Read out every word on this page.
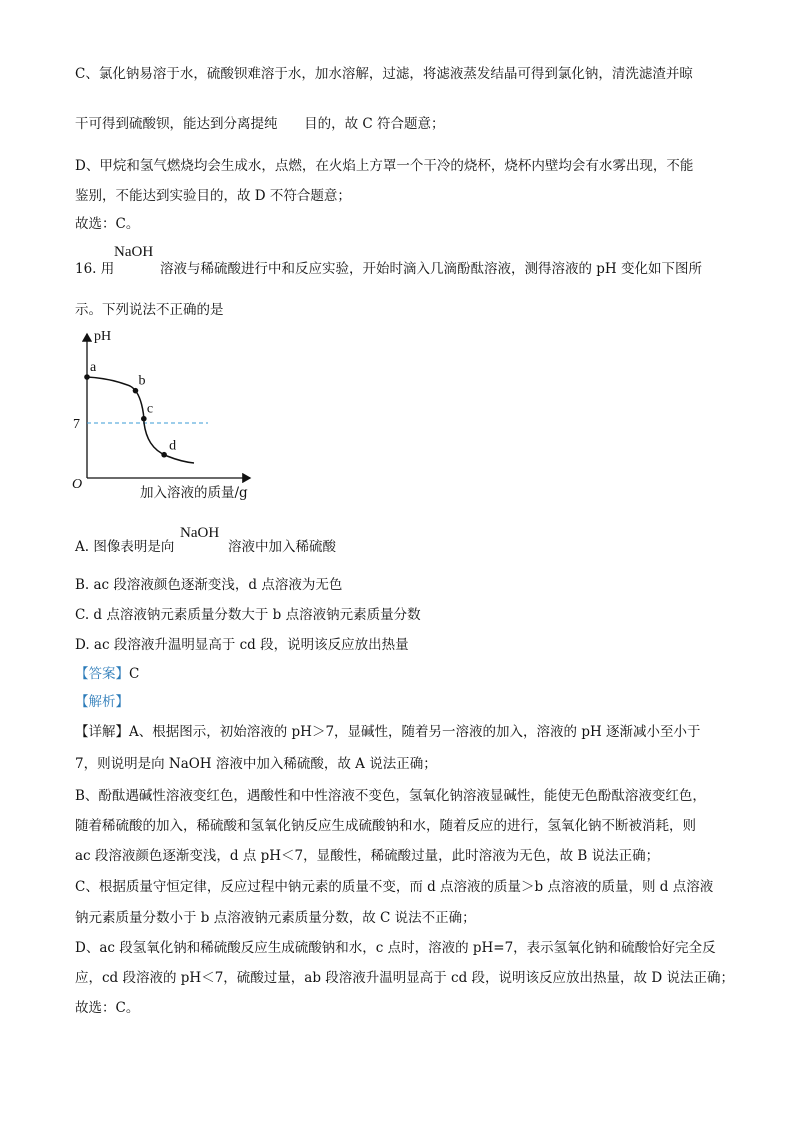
C、氯化钠易溶于水，硫酸钡难溶于水，加水溶解，过滤，将滤液蒸发结晶可得到氯化钠，清洗滤渣并晾
干可得到硫酸钡，能达到分离提纯 目的，故 C 符合题意；
D、甲烷和氢气燃烧均会生成水，点燃，在火焰上方罩一个干冷的烧杯，烧杯内壁均会有水雾出现，不能
鉴别，不能达到实验目的，故 D 不符合题意；
故选：C。
16. 用
NaOH
溶液与稀硫酸进行中和反应实验，开始时滴入几滴酚酞溶液，测得溶液的 pH 变化如下图所
示。下列说法不正确的是
pH
O
7
a
b
c
d
加入溶液的质量/g
A. 图像表明是向
NaOH
溶液中加入稀硫酸
B. ac 段溶液颜色逐渐变浅，d 点溶液为无色
C. d 点溶液钠元素质量分数大于 b 点溶液钠元素质量分数
D. ac 段溶液升温明显高于 cd 段，说明该反应放出热量
【答案】C
【解析】
【详解】A、根据图示，初始溶液的 pH＞7，显碱性，随着另一溶液的加入，溶液的 pH 逐渐减小至小于
7，则说明是向 NaOH 溶液中加入稀硫酸，故 A 说法正确；
B、酚酞遇碱性溶液变红色，遇酸性和中性溶液不变色，氢氧化钠溶液显碱性，能使无色酚酞溶液变红色，
随着稀硫酸的加入，稀硫酸和氢氧化钠反应生成硫酸钠和水，随着反应的进行，氢氧化钠不断被消耗，则
ac 段溶液颜色逐渐变浅，d 点 pH＜7，显酸性，稀硫酸过量，此时溶液为无色，故 B 说法正确；
C、根据质量守恒定律，反应过程中钠元素的质量不变，而 d 点溶液的质量＞b 点溶液的质量，则 d 点溶液
钠元素质量分数小于 b 点溶液钠元素质量分数，故 C 说法不正确；
D、ac 段氢氧化钠和稀硫酸反应生成硫酸钠和水，c 点时，溶液的 pH=7，表示氢氧化钠和硫酸恰好完全反
应，cd 段溶液的 pH＜7，硫酸过量，ab 段溶液升温明显高于 cd 段，说明该反应放出热量，故 D 说法正确；
故选：C。
